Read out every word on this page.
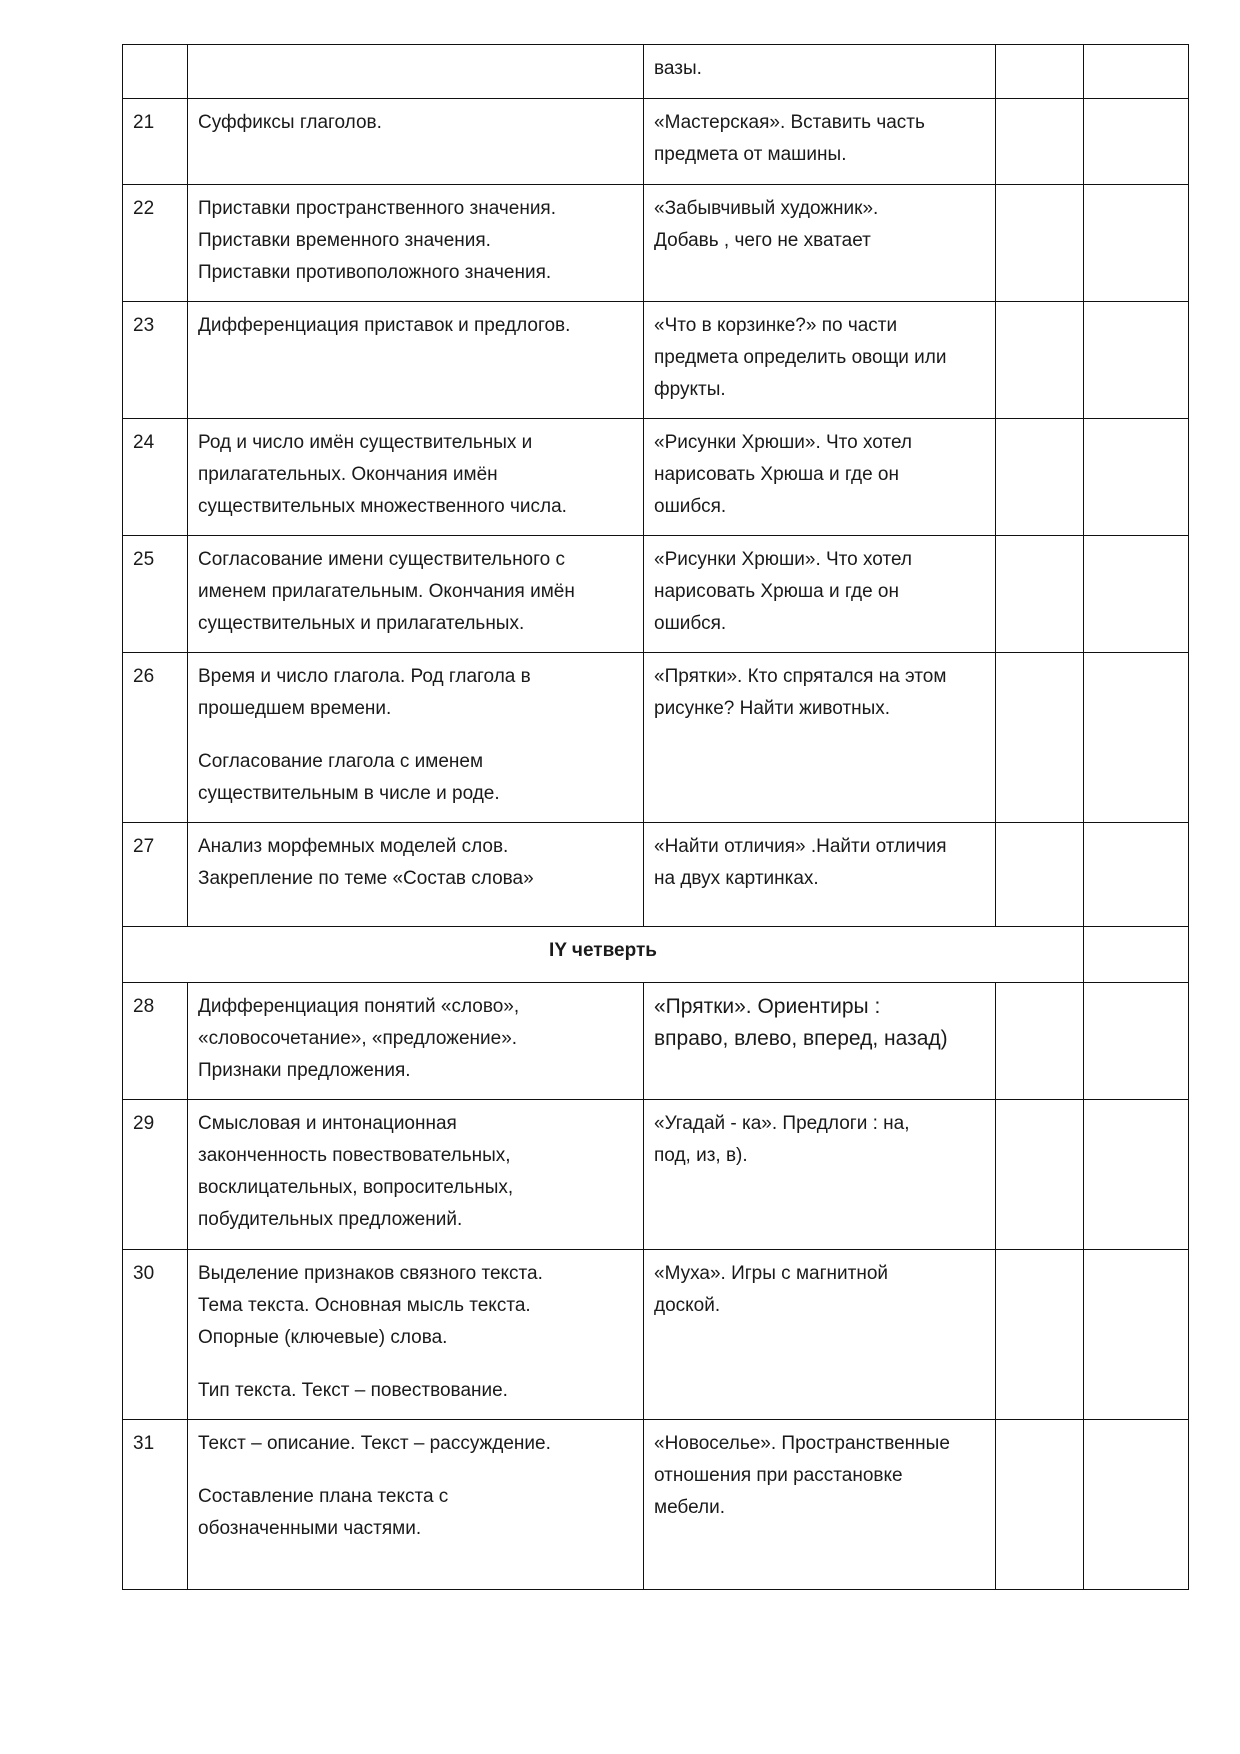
		вазы.		

21	Суффиксы глаголов.	«Мастерская». Вставить часть
предмета от машины.		

22	Приставки пространственного значения.
Приставки временного значения.
Приставки противоположного значения.	«Забывчивый художник».
Добавь , чего не хватает		

23	Дифференциация приставок и предлогов.	«Что в корзинке?» по части
предмета определить овощи или
фрукты.		

24	Род и число имён существительных и
прилагательных. Окончания имён
существительных множественного числа.	«Рисунки Хрюши». Что хотел
нарисовать Хрюша и где он
ошибся.		

25	Согласование имени существительного с
именем прилагательным. Окончания имён
существительных и прилагательных.	«Рисунки Хрюши». Что хотел
нарисовать Хрюша и где он
ошибся.		

26	Время и число глагола. Род глагола в
прошедшем времени.
Согласование глагола с именем
существительным в числе и роде.	«Прятки». Кто спрятался на этом
рисунке? Найти животных.		

27	Анализ морфемных моделей слов.
Закрепление по теме «Состав слова»	«Найти отличия» .Найти отличия
на двух картинках.		

IY четверть				
28	Дифференциация понятий «слово»,
«словосочетание», «предложение».
Признаки предложения.	«Прятки». Ориентиры :
вправо, влево, вперед, назад)		

29	Смысловая и интонационная
законченность повествовательных,
восклицательных, вопросительных,
побудительных предложений.	«Угадай - ка». Предлоги : на,
под, из, в).		

30	Выделение признаков связного текста.
Тема текста. Основная мысль текста.
Опорные (ключевые) слова.
Тип текста. Текст – повествование.	«Муха». Игры с магнитной
доской.		

31	Текст – описание. Текст – рассуждение.
Составление плана текста с
обозначенными частями.	«Новоселье». Пространственные
отношения при расстановке
мебели.		
